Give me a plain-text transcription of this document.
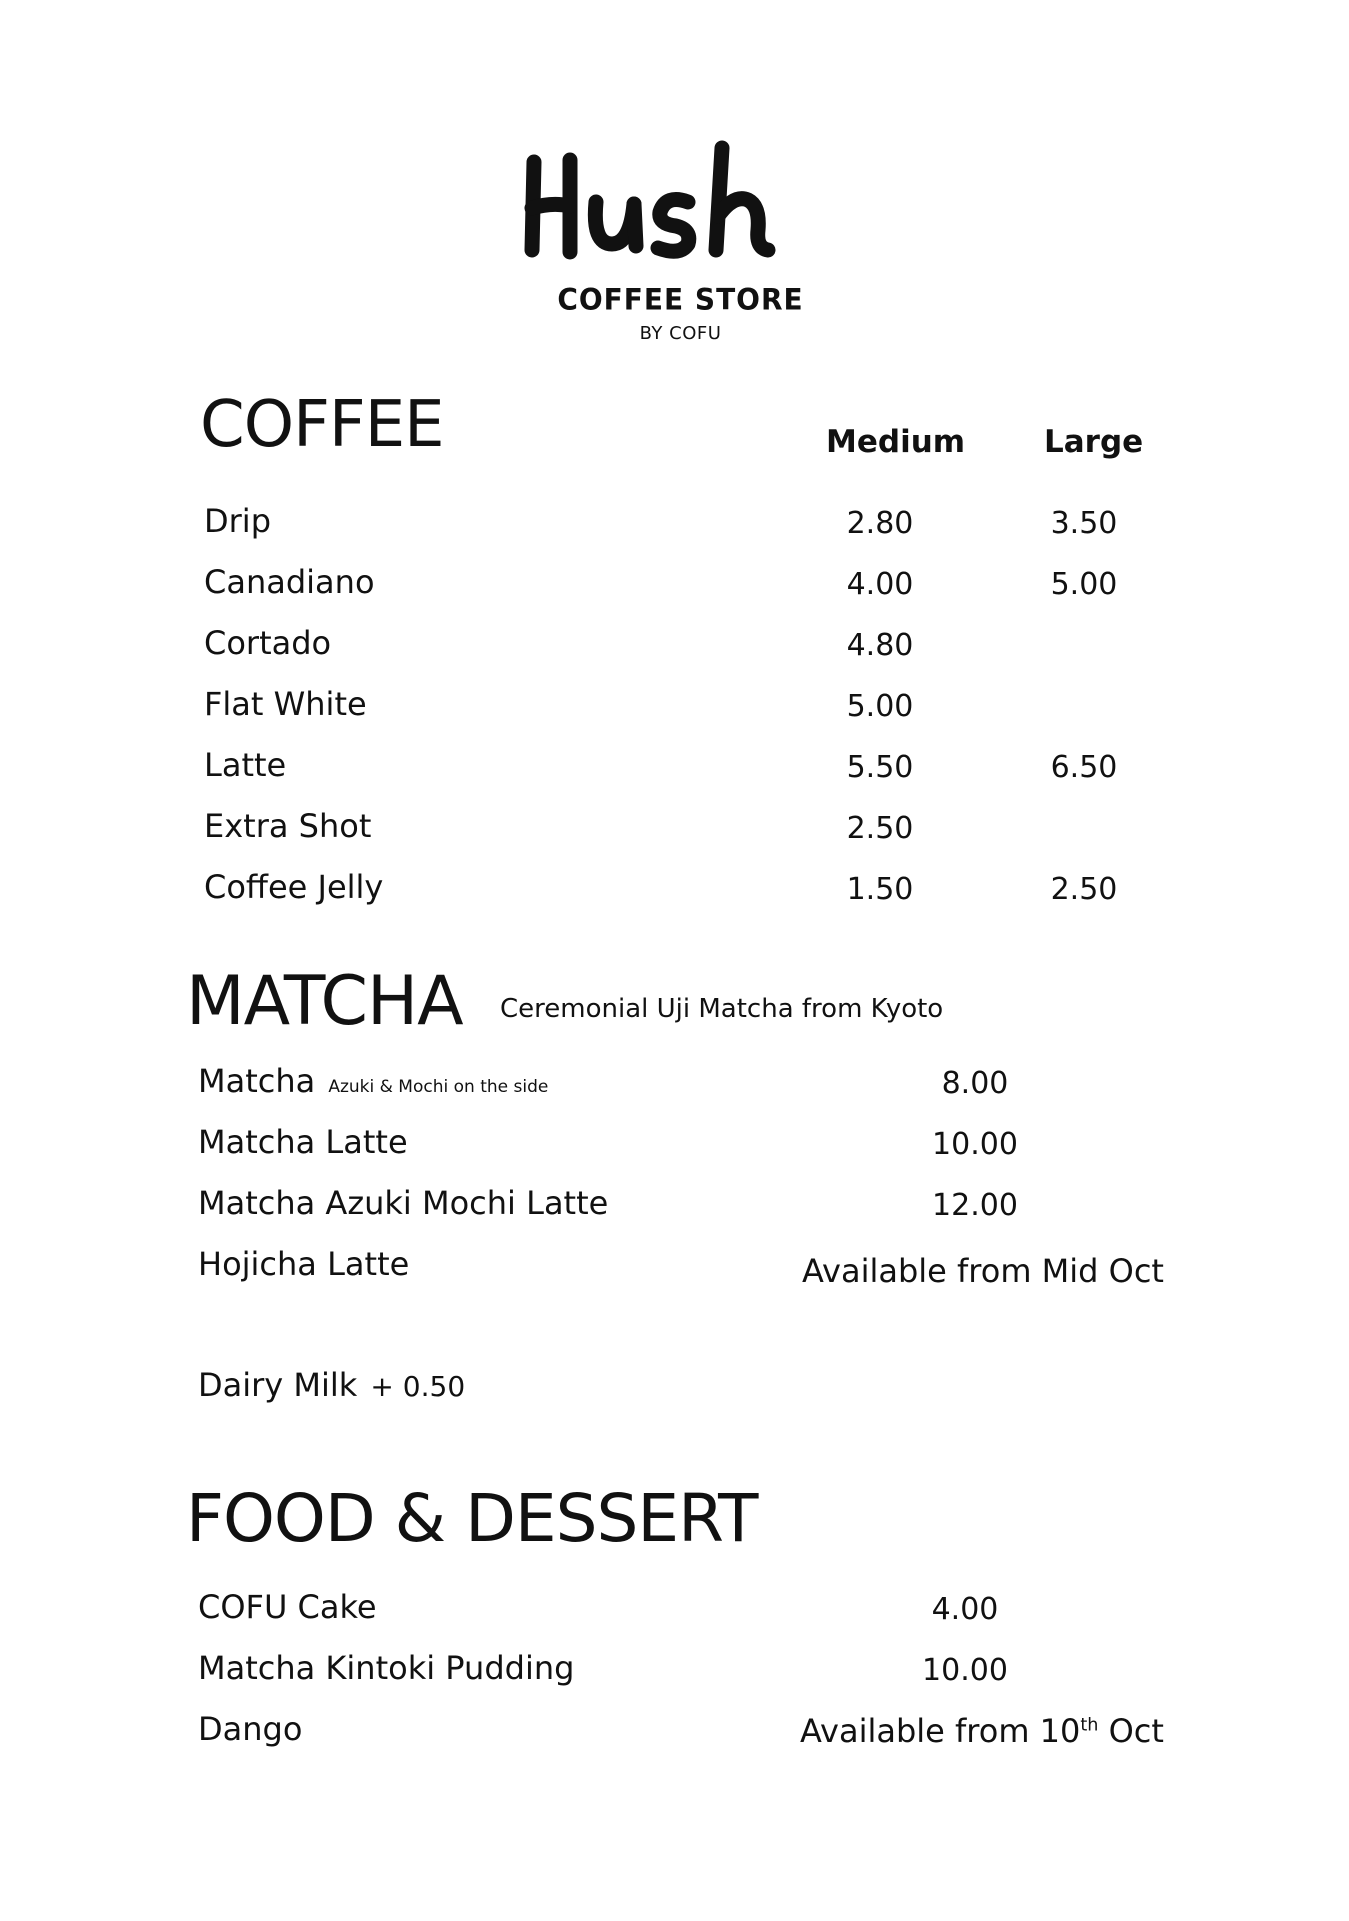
COFFEE STORE
BY COFU
COFFEE	Medium	Large
Drip	2.80	3.50
Canadiano	4.00	5.00
Cortado	4.80
Flat White	5.00
Latte	5.50	6.50
Extra Shot	2.50
Coffee Jelly	1.50	2.50
MATCHA Ceremonial Uji Matcha from Kyoto
Matcha Azuki & Mochi on the side	8.00
Matcha Latte	10.00
Matcha Azuki Mochi Latte	12.00
Hojicha Latte	Available from Mid Oct
Dairy Milk + 0.50
FOOD & DESSERT
COFU Cake	4.00
Matcha Kintoki Pudding	10.00
Dango	Available from 10th Oct
